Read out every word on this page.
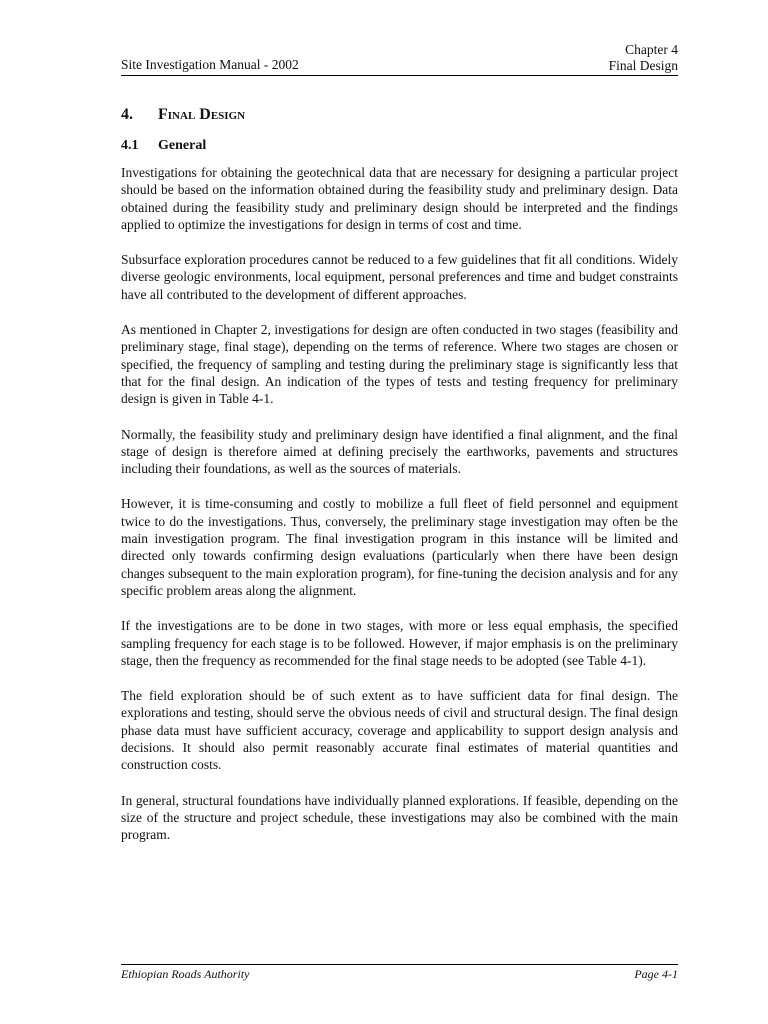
Site Investigation Manual - 2002
Chapter 4
Final Design
4.	Final Design
4.1	General

Investigations for obtaining the geotechnical data that are necessary for designing a particular project should be based on the information obtained during the feasibility study and preliminary design. Data obtained during the feasibility study and preliminary design should be interpreted and the findings applied to optimize the investigations for design in terms of cost and time.

Subsurface exploration procedures cannot be reduced to a few guidelines that fit all conditions. Widely diverse geologic environments, local equipment, personal preferences and time and budget constraints have all contributed to the development of different approaches.

As mentioned in Chapter 2, investigations for design are often conducted in two stages (feasibility and preliminary stage, final stage), depending on the terms of reference. Where two stages are chosen or specified, the frequency of sampling and testing during the preliminary stage is significantly less that that for the final design. An indication of the types of tests and testing frequency for preliminary design is given in Table 4-1.

Normally, the feasibility study and preliminary design have identified a final alignment, and the final stage of design is therefore aimed at defining precisely the earthworks, pavements and structures including their foundations, as well as the sources of materials.

However, it is time-consuming and costly to mobilize a full fleet of field personnel and equipment twice to do the investigations. Thus, conversely, the preliminary stage investigation may often be the main investigation program. The final investigation program in this instance will be limited and directed only towards confirming design evaluations (particularly when there have been design changes subsequent to the main exploration program), for fine-tuning the decision analysis and for any specific problem areas along the alignment.

If the investigations are to be done in two stages, with more or less equal emphasis, the specified sampling frequency for each stage is to be followed. However, if major emphasis is on the preliminary stage, then the frequency as recommended for the final stage needs to be adopted (see Table 4-1).

The field exploration should be of such extent as to have sufficient data for final design. The explorations and testing, should serve the obvious needs of civil and structural design. The final design phase data must have sufficient accuracy, coverage and applicability to support design analysis and decisions. It should also permit reasonably accurate final estimates of material quantities and construction costs.

In general, structural foundations have individually planned explorations. If feasible, depending on the size of the structure and project schedule, these investigations may also be combined with the main program.

Ethiopian Roads Authority	Page 4-1
